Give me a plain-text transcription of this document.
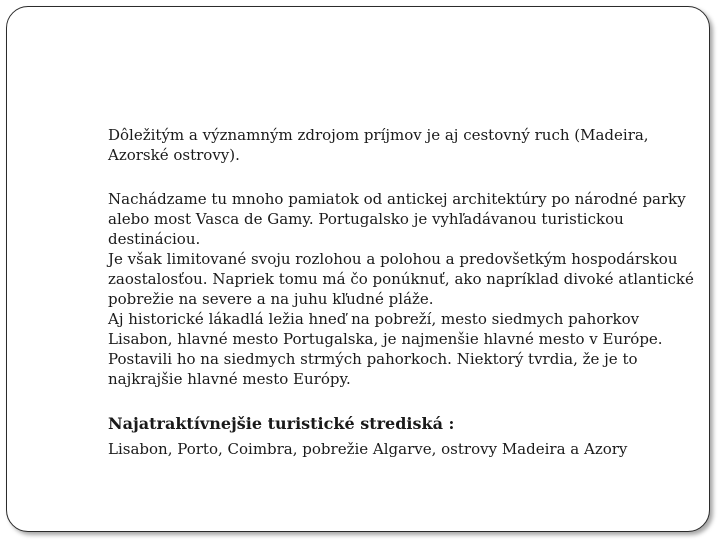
Dôležitým a významným zdrojom príjmov je aj cestovný ruch (Madeira, Azorské ostrovy).

Nachádzame tu mnoho pamiatok od antickej architektúry po národné parky alebo most Vasca de Gamy. Portugalsko je vyhľadávanou turistickou destináciou.

Je však limitované svoju rozlohou a polohou a predovšetkým hospodárskou zaostalosťou. Napriek tomu má čo ponúknuť, ako napríklad divoké atlantické pobrežie na severe a na juhu kľudné pláže.

Aj historické lákadlá ležia hneď na pobreží, mesto siedmych pahorkov Lisabon, hlavné mesto Portugalska, je najmenšie hlavné mesto v Európe. Postavili ho na siedmych strmých pahorkoch. Niektorý tvrdia, že je to najkrajšie hlavné mesto Európy.

Najatraktívnejšie turistické strediská :

Lisabon, Porto, Coimbra, pobrežie Algarve, ostrovy Madeira a Azory
